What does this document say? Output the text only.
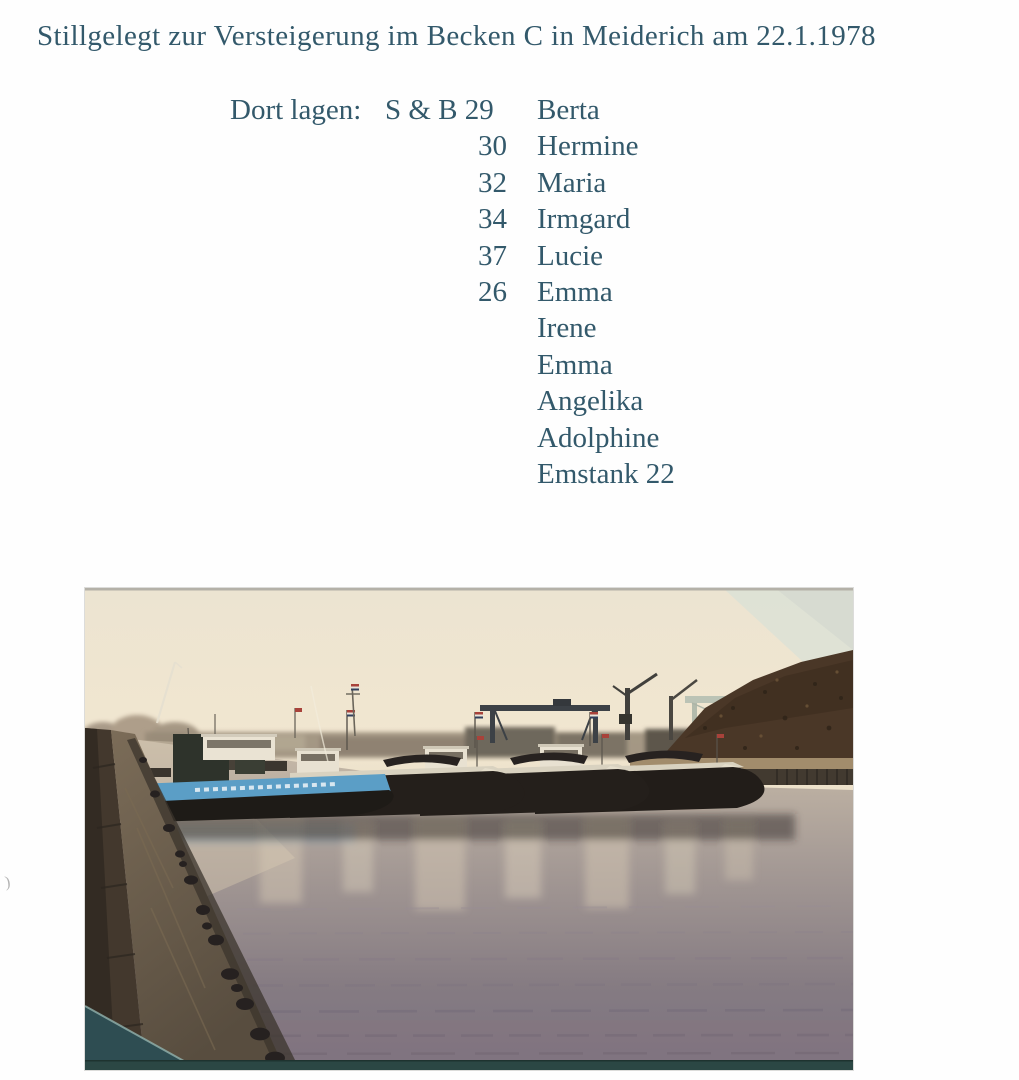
Stillgelegt zur Versteigerung im Becken C in Meiderich am 22.1.1978
Dort lagen: S & B 29	Berta
30	Hermine
32	Maria
34	Irmgard
37	Lucie
26	Emma
Irene
Emma
Angelika
Adolphine
Emstank 22
)
